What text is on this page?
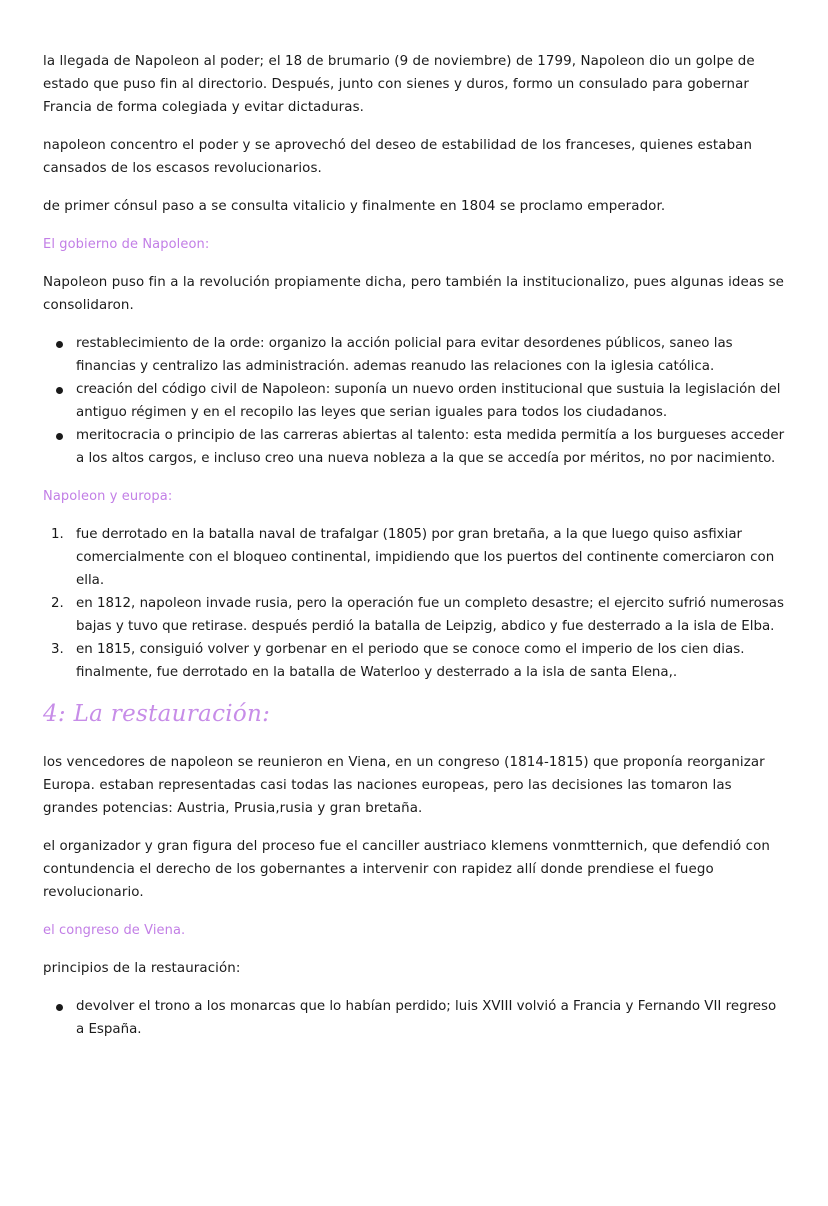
la llegada de Napoleon al poder; el 18 de brumario (9 de noviembre) de 1799, Napoleon dio un golpe de estado que puso fin al directorio. Después, junto con sienes y duros, formo un consulado para gobernar Francia de forma colegiada y evitar dictaduras.

napoleon concentro el poder y se aprovechó del deseo de estabilidad de los franceses, quienes estaban cansados de los escasos revolucionarios.

de primer cónsul paso a se consulta vitalicio y finalmente en 1804 se proclamo emperador.

El gobierno de Napoleon:

Napoleon puso fin a la revolución propiamente dicha, pero también la institucionalizo, pues algunas ideas se consolidaron.

restablecimiento de la orde: organizo la acción policial para evitar desordenes públicos, saneo las financias y centralizo las administración. ademas reanudo las relaciones con la iglesia católica.
creación del código civil de Napoleon: suponía un nuevo orden institucional que sustuia la legislación del antiguo régimen y en el recopilo las leyes que serian iguales para todos los ciudadanos.
meritocracia o principio de las carreras abiertas al talento: esta medida permitía a los burgueses acceder a los altos cargos, e incluso creo una nueva nobleza a la que se accedía por méritos, no por nacimiento.

Napoleon y europa:

1. fue derrotado en la batalla naval de trafalgar (1805) por gran bretaña, a la que luego quiso asfixiar comercialmente con el bloqueo continental, impidiendo que los puertos del continente comerciaron con ella.
2. en 1812, napoleon invade rusia, pero la operación fue un completo desastre; el ejercito sufrió numerosas bajas y tuvo que retirase. después perdió la batalla de Leipzig, abdico y fue desterrado a la isla de Elba.
3. en 1815, consiguió volver y gorbenar en el periodo que se conoce como el imperio de los cien dias. finalmente, fue derrotado en la batalla de Waterloo y desterrado a la isla de santa Elena,.

4: La restauración:

los vencedores de napoleon se reunieron en Viena, en un congreso (1814-1815) que proponía reorganizar Europa. estaban representadas casi todas las naciones europeas, pero las decisiones las tomaron las grandes potencias: Austria, Prusia,rusia y gran bretaña.

el organizador y gran figura del proceso fue el canciller austriaco klemens vonmtternich, que defendió con contundencia el derecho de los gobernantes a intervenir con rapidez allí donde prendiese el fuego revolucionario.

el congreso de Viena.

principios de la restauración:

devolver el trono a los monarcas que lo habían perdido; luis XVIII volvió a Francia y Fernando VII regreso a España.
